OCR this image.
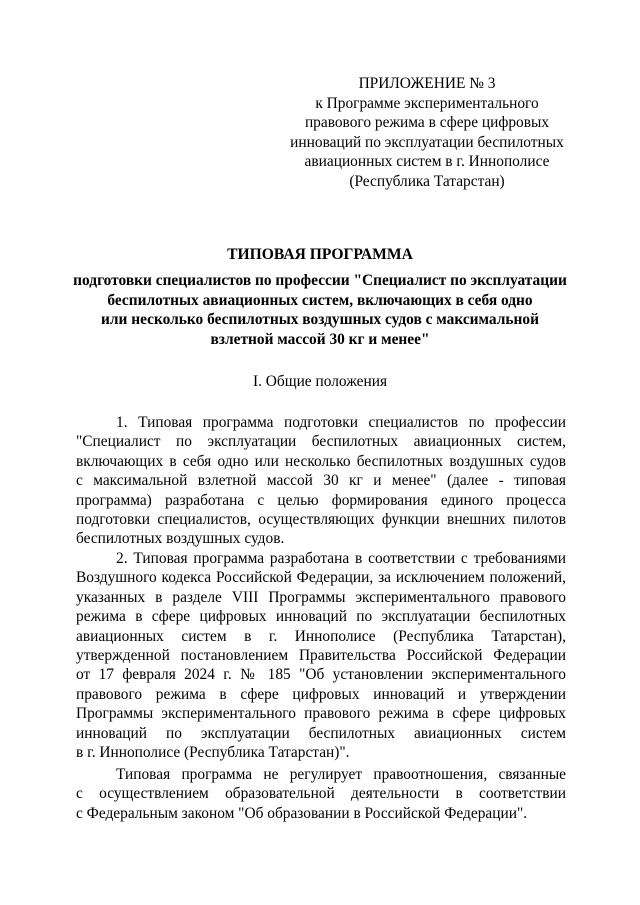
ПРИЛОЖЕНИЕ № 3
к Программе экспериментального
правового режима в сфере цифровых
инноваций по эксплуатации беспилотных
авиационных систем в г. Иннополисе
(Республика Татарстан)
ТИПОВАЯ ПРОГРАММА
подготовки специалистов по профессии "Специалист по эксплуатации
беспилотных авиационных систем, включающих в себя одно
или несколько беспилотных воздушных судов с максимальной
взлетной массой 30 кг и менее"
I. Общие положения
1. Типовая программа подготовки специалистов по профессии
"Специалист по эксплуатации беспилотных авиационных систем,
включающих в себя одно или несколько беспилотных воздушных судов
с максимальной взлетной массой 30 кг и менее" (далее - типовая
программа) разработана с целью формирования единого процесса
подготовки специалистов, осуществляющих функции внешних пилотов
беспилотных воздушных судов.
2. Типовая программа разработана в соответствии с требованиями
Воздушного кодекса Российской Федерации, за исключением положений,
указанных в разделе VIII Программы экспериментального правового
режима в сфере цифровых инноваций по эксплуатации беспилотных
авиационных систем в г. Иннополисе (Республика Татарстан),
утвержденной постановлением Правительства Российской Федерации
от 17 февраля 2024 г. № 185 "Об установлении экспериментального
правового режима в сфере цифровых инноваций и утверждении
Программы экспериментального правового режима в сфере цифровых
инноваций по эксплуатации беспилотных авиационных систем
в г. Иннополисе (Республика Татарстан)".
Типовая программа не регулирует правоотношения, связанные
с осуществлением образовательной деятельности в соответствии
с Федеральным законом "Об образовании в Российской Федерации".
